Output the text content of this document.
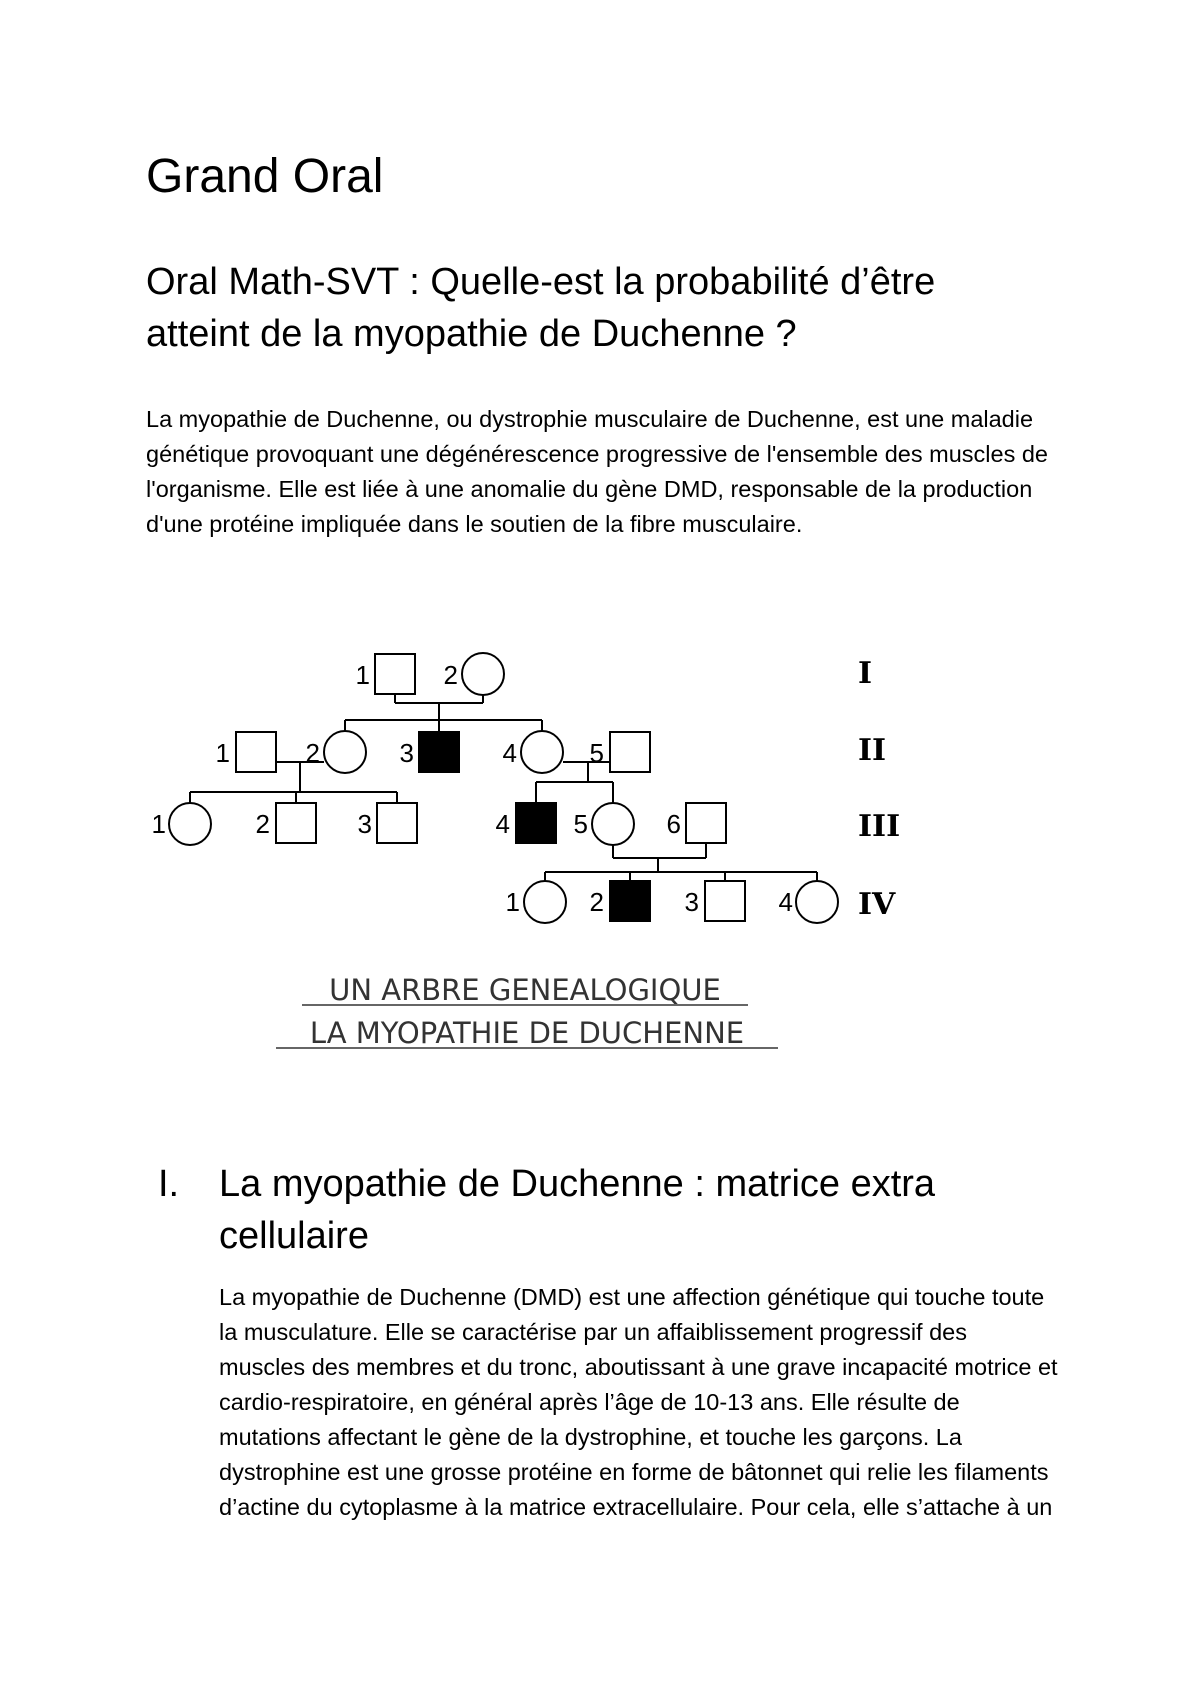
Grand Oral
Oral Math-SVT : Quelle-est la probabilité d’être atteint de la myopathie de Duchenne ?

La myopathie de Duchenne, ou dystrophie musculaire de Duchenne, est une maladie génétique provoquant une dégénérescence progressive de l'ensemble des muscles de l'organisme. Elle est liée à une anomalie du gène DMD, responsable de la production d'une protéine impliquée dans le soutien de la fibre musculaire.

1	2
1	2	3	4	5
1	2	3	4 5	6
1	2	3	4
I
II
III
IV
UN ARBRE GENEALOGIQUE
LA MYOPATHIE DE DUCHENNE
I. La myopathie de Duchenne : matrice extra cellulaire

La myopathie de Duchenne (DMD) est une affection génétique qui touche toute la musculature. Elle se caractérise par un affaiblissement progressif des muscles des membres et du tronc, aboutissant à une grave incapacité motrice et cardio-respiratoire, en général après l’âge de 10-13 ans. Elle résulte de mutations affectant le gène de la dystrophine, et touche les garçons. La dystrophine est une grosse protéine en forme de bâtonnet qui relie les filaments d’actine du cytoplasme à la matrice extracellulaire. Pour cela, elle s’attache à un
